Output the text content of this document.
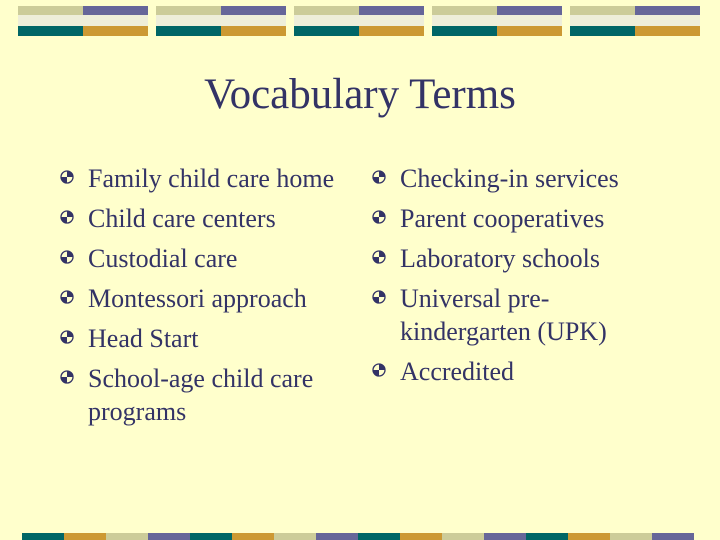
Vocabulary Terms
Family child care home
Child care centers
Custodial care
Montessori approach
Head Start
School-age child care programs
Checking-in services
Parent cooperatives
Laboratory schools
Universal pre-kindergarten (UPK)
Accredited
